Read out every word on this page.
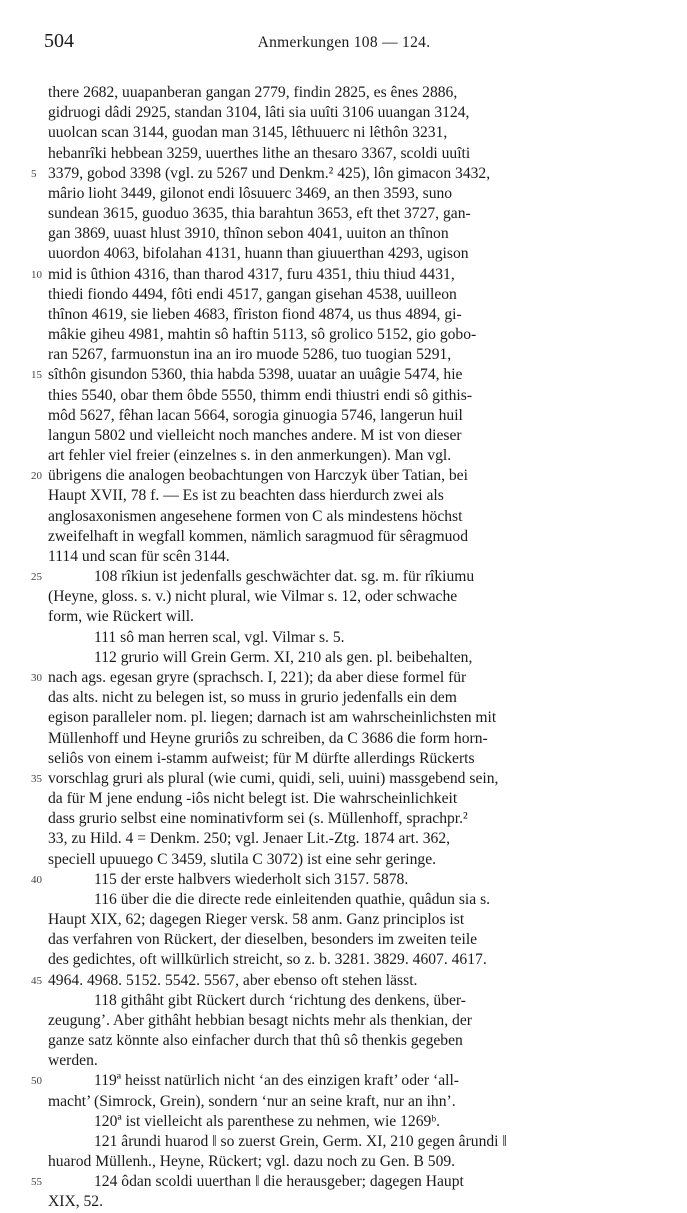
504	Anmerkungen 108 — 124.
there 2682, uuapanberan gangan 2779, findin 2825, es ênes 2886,
gidruogi dâdi 2925, standan 3104, lâti sia uuîti 3106 uuangan 3124,
uuolcan scan 3144, guodan man 3145, lêthuuerc ni lêthôn 3231,
hebanrîki hebbean 3259, uuerthes lithe an thesaro 3367, scoldi uuîti
5 3379, gobod 3398 (vgl. zu 5267 und Denkm.² 425), lôn gimacon 3432,
mârio lioht 3449, gilonot endi lôsuuerc 3469, an then 3593, suno
sundean 3615, guoduo 3635, thia barahtun 3653, eft thet 3727, gan-
gan 3869, uuast hlust 3910, thînon sebon 4041, uuiton an thînon
uuordon 4063, bifolahan 4131, huann than giuuerthan 4293, ugison
10 mid is ûthion 4316, than tharod 4317, furu 4351, thiu thiud 4431,
thiedi fiondo 4494, fôti endi 4517, gangan gisehan 4538, uuilleon
thînon 4619, sie lieben 4683, fîriston fiond 4874, us thus 4894, gi-
mâkie giheu 4981, mahtin sô haftin 5113, sô grolico 5152, gio gobo-
ran 5267, farmuonstun ina an iro muode 5286, tuo tuogian 5291,
15 sîthôn gisundon 5360, thia habda 5398, uuatar an uuâgie 5474, hie
thies 5540, obar them ôbde 5550, thimm endi thiustri endi sô githis-
môd 5627, fêhan lacan 5664, sorogia ginuogia 5746, langerun huil
langun 5802 und vielleicht noch manches andere. M ist von dieser
art fehler viel freier (einzelnes s. in den anmerkungen). Man vgl.
20 übrigens die analogen beobachtungen von Harczyk über Tatian, bei
Haupt XVII, 78 f. — Es ist zu beachten dass hierdurch zwei als
anglosaxonismen angesehene formen von C als mindestens höchst
zweifelhaft in wegfall kommen, nämlich saragmuod für sêragmuod
1114 und scan für scên 3144.
25	108 rîkiun ist jedenfalls geschwächter dat. sg. m. für rîkiumu
(Heyne, gloss. s. v.) nicht plural, wie Vilmar s. 12, oder schwache
form, wie Rückert will.
111 sô man herren scal, vgl. Vilmar s. 5.
112 grurio will Grein Germ. XI, 210 als gen. pl. beibehalten,
30 nach ags. egesan gryre (sprachsch. I, 221); da aber diese formel für
das alts. nicht zu belegen ist, so muss in grurio jedenfalls ein dem
egison paralleler nom. pl. liegen; darnach ist am wahrscheinlichsten mit
Müllenhoff und Heyne gruriôs zu schreiben, da C 3686 die form horn-
seliôs von einem i-stamm aufweist; für M dürfte allerdings Rückerts
35 vorschlag gruri als plural (wie cumi, quidi, seli, uuini) massgebend sein,
da für M jene endung -iôs nicht belegt ist. Die wahrscheinlichkeit
dass grurio selbst eine nominativform sei (s. Müllenhoff, sprachpr.²
33, zu Hild. 4 = Denkm. 250; vgl. Jenaer Lit.-Ztg. 1874 art. 362,
speciell upuuego C 3459, slutila C 3072) ist eine sehr geringe.
40	115 der erste halbvers wiederholt sich 3157. 5878.
116 über die die directe rede einleitenden quathie, quâdun sia s.
Haupt XIX, 62; dagegen Rieger versk. 58 anm. Ganz principlos ist
das verfahren von Rückert, der dieselben, besonders im zweiten teile
des gedichtes, oft willkürlich streicht, so z. b. 3281. 3829. 4607. 4617.
45 4964. 4968. 5152. 5542. 5567, aber ebenso oft stehen lässt.
118 githâht gibt Rückert durch ‘richtung des denkens, über-
zeugung’. Aber githâht hebbian besagt nichts mehr als thenkian, der
ganze satz könnte also einfacher durch that thû sô thenkis gegeben
werden.
50	119ª heisst natürlich nicht ‘an des einzigen kraft’ oder ‘all-
macht’ (Simrock, Grein), sondern ‘nur an seine kraft, nur an ihn’.
120ª ist vielleicht als parenthese zu nehmen, wie 1269ᵇ.
121 ârundi huarod ‖ so zuerst Grein, Germ. XI, 210 gegen ârundi ‖
huarod Müllenh., Heyne, Rückert; vgl. dazu noch zu Gen. B 509.
55	124 ôdan scoldi uuerthan ‖ die herausgeber; dagegen Haupt
XIX, 52.
